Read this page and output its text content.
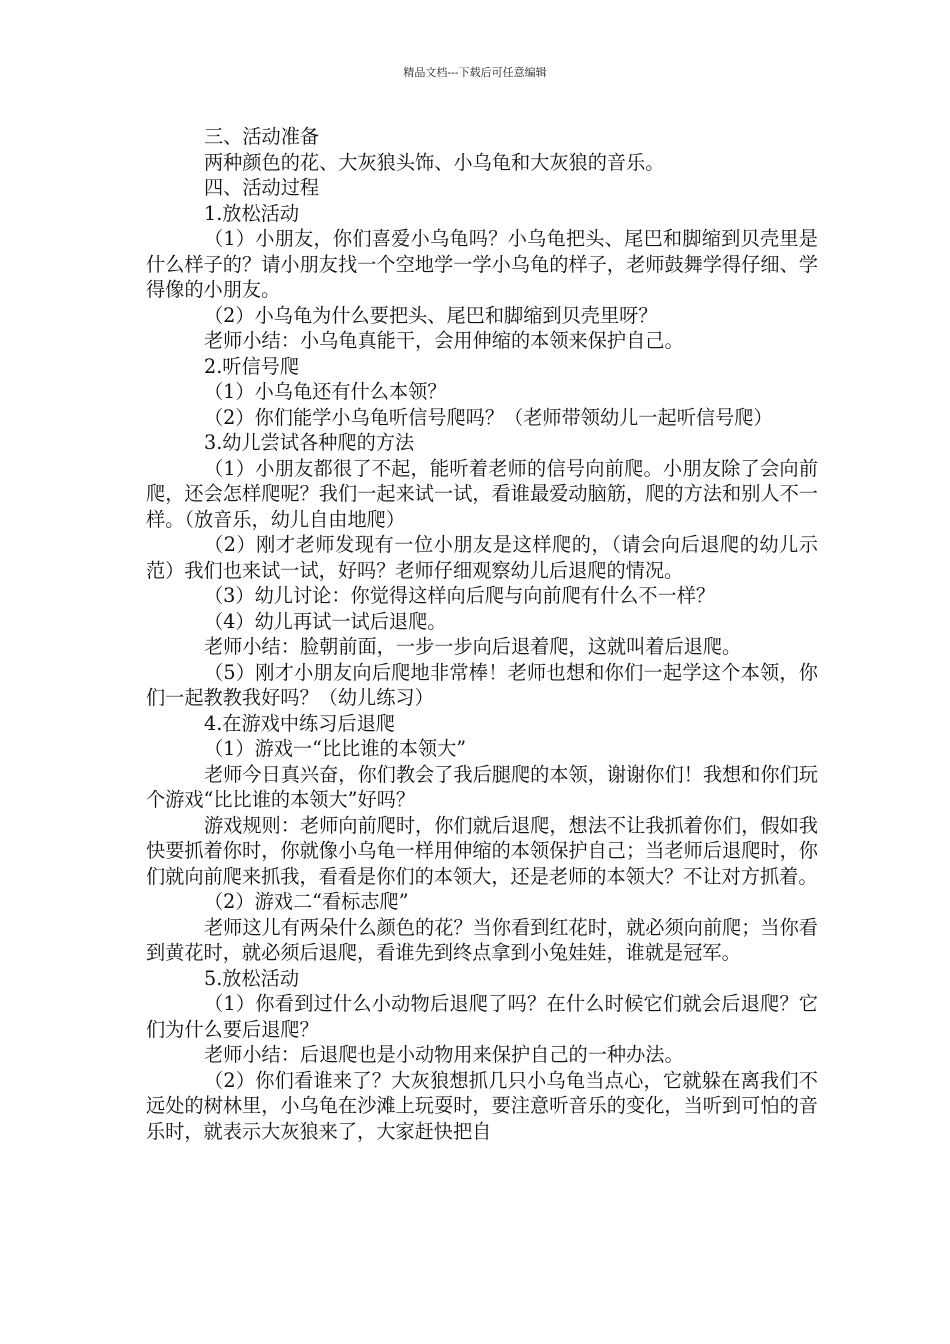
精品文档---下载后可任意编辑

三、活动准备

两种颜色的花、大灰狼头饰、小乌龟和大灰狼的音乐。

四、活动过程

1.放松活动

（1）小朋友，你们喜爱小乌龟吗？小乌龟把头、尾巴和脚缩到贝壳里是什么样子的？请小朋友找一个空地学一学小乌龟的样子，老师鼓舞学得仔细、学得像的小朋友。

（2）小乌龟为什么要把头、尾巴和脚缩到贝壳里呀？

老师小结：小乌龟真能干，会用伸缩的本领来保护自己。

2.听信号爬

（1）小乌龟还有什么本领？

（2）你们能学小乌龟听信号爬吗？（老师带领幼儿一起听信号爬）

3.幼儿尝试各种爬的方法

（1）小朋友都很了不起，能听着老师的信号向前爬。小朋友除了会向前爬，还会怎样爬呢？我们一起来试一试，看谁最爱动脑筋，爬的方法和别人不一样。（放音乐，幼儿自由地爬）

（2）刚才老师发现有一位小朋友是这样爬的，（请会向后退爬的幼儿示范）我们也来试一试，好吗？老师仔细观察幼儿后退爬的情况。

（3）幼儿讨论：你觉得这样向后爬与向前爬有什么不一样？

（4）幼儿再试一试后退爬。

老师小结：脸朝前面，一步一步向后退着爬，这就叫着后退爬。

（5）刚才小朋友向后爬地非常棒！老师也想和你们一起学这个本领，你们一起教教我好吗？（幼儿练习）

4.在游戏中练习后退爬

（1）游戏一“比比谁的本领大”

老师今日真兴奋，你们教会了我后腿爬的本领，谢谢你们！我想和你们玩个游戏“比比谁的本领大”好吗？

游戏规则：老师向前爬时，你们就后退爬，想法不让我抓着你们，假如我快要抓着你时，你就像小乌龟一样用伸缩的本领保护自己；当老师后退爬时，你们就向前爬来抓我，看看是你们的本领大，还是老师的本领大？不让对方抓着。

（2）游戏二“看标志爬”

老师这儿有两朵什么颜色的花？当你看到红花时，就必须向前爬；当你看到黄花时，就必须后退爬，看谁先到终点拿到小兔娃娃，谁就是冠军。

5.放松活动

（1）你看到过什么小动物后退爬了吗？在什么时候它们就会后退爬？它们为什么要后退爬？

老师小结：后退爬也是小动物用来保护自己的一种办法。

（2）你们看谁来了？大灰狼想抓几只小乌龟当点心，它就躲在离我们不远处的树林里，小乌龟在沙滩上玩耍时，要注意听音乐的变化，当听到可怕的音乐时，就表示大灰狼来了，大家赶快把自
